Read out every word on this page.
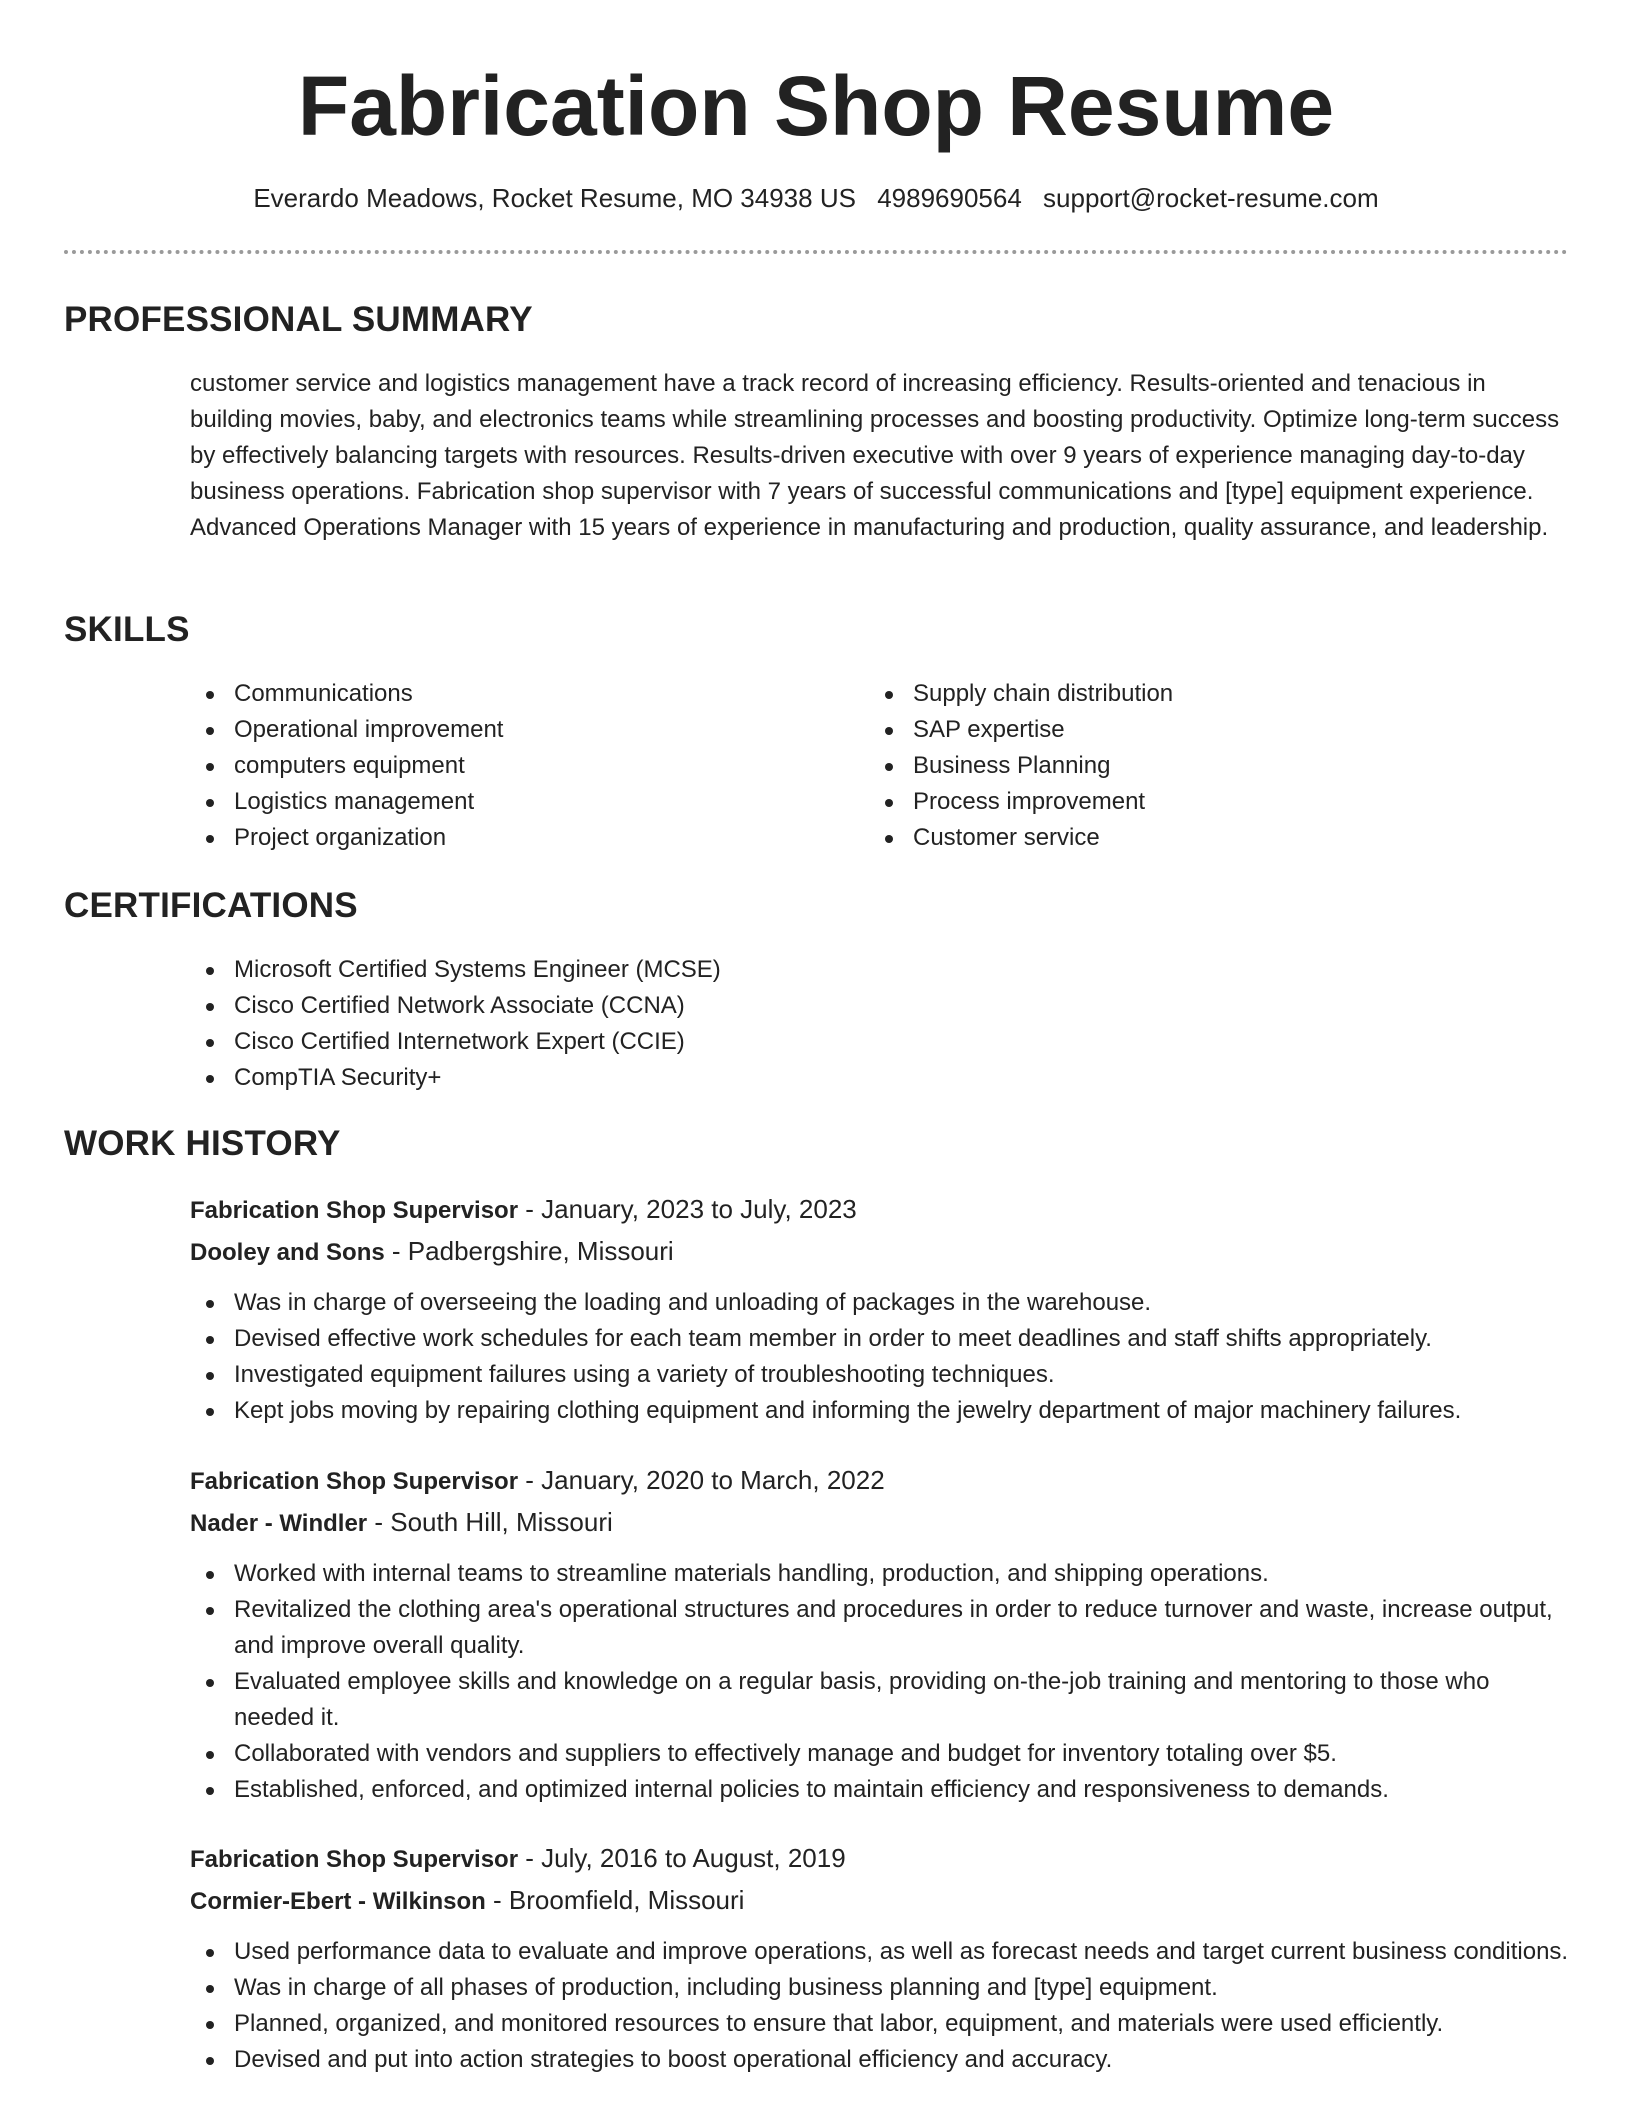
Fabrication Shop Resume
Everardo Meadows, Rocket Resume, MO 34938 US 4989690564 support@rocket-resume.com
PROFESSIONAL SUMMARY

customer service and logistics management have a track record of increasing efficiency. Results-oriented and tenacious in building movies, baby, and electronics teams while streamlining processes and boosting productivity. Optimize long-term success by effectively balancing targets with resources. Results-driven executive with over 9 years of experience managing day-to-day business operations. Fabrication shop supervisor with 7 years of successful communications and [type] equipment experience. Advanced Operations Manager with 15 years of experience in manufacturing and production, quality assurance, and leadership.

SKILLS
Communications
Operational improvement
computers equipment
Logistics management
Project organization
Supply chain distribution
SAP expertise
Business Planning
Process improvement
Customer service
CERTIFICATIONS
Microsoft Certified Systems Engineer (MCSE)
Cisco Certified Network Associate (CCNA)
Cisco Certified Internetwork Expert (CCIE)
CompTIA Security+
WORK HISTORY
Fabrication Shop Supervisor - January, 2023 to July, 2023
Dooley and Sons - Padbergshire, Missouri
Was in charge of overseeing the loading and unloading of packages in the warehouse.
Devised effective work schedules for each team member in order to meet deadlines and staff shifts appropriately.
Investigated equipment failures using a variety of troubleshooting techniques.
Kept jobs moving by repairing clothing equipment and informing the jewelry department of major machinery failures.
Fabrication Shop Supervisor - January, 2020 to March, 2022
Nader - Windler - South Hill, Missouri
Worked with internal teams to streamline materials handling, production, and shipping operations.
Revitalized the clothing area's operational structures and procedures in order to reduce turnover and waste, increase output, and improve overall quality.
Evaluated employee skills and knowledge on a regular basis, providing on-the-job training and mentoring to those who needed it.
Collaborated with vendors and suppliers to effectively manage and budget for inventory totaling over $5.
Established, enforced, and optimized internal policies to maintain efficiency and responsiveness to demands.
Fabrication Shop Supervisor - July, 2016 to August, 2019
Cormier-Ebert - Wilkinson - Broomfield, Missouri
Used performance data to evaluate and improve operations, as well as forecast needs and target current business conditions.
Was in charge of all phases of production, including business planning and [type] equipment.
Planned, organized, and monitored resources to ensure that labor, equipment, and materials were used efficiently.
Devised and put into action strategies to boost operational efficiency and accuracy.
